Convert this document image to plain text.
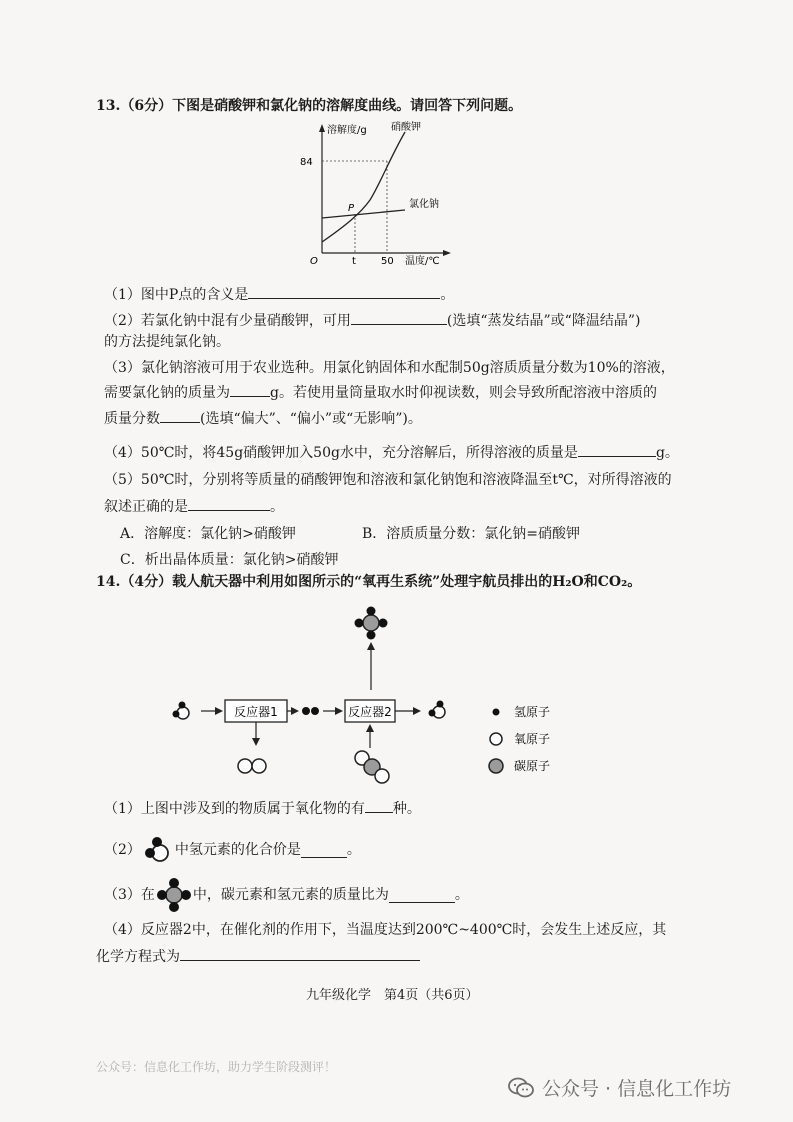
13.（6分）下图是硝酸钾和氯化钠的溶解度曲线。请回答下列问题。
溶解度/g 硝酸钾
84
氯化钠
P
O	t	50 温度/℃
（1）图中P点的含义是	。
（2）若氯化钠中混有少量硝酸钾，可用	(选填“蒸发结晶”或“降温结晶”)
的方法提纯氯化钠。
（3）氯化钠溶液可用于农业选种。用氯化钠固体和水配制50g溶质质量分数为10%的溶液，
需要氯化钠的质量为	g。若使用量筒量取水时仰视读数，则会导致所配溶液中溶质的
质量分数	(选填“偏大”、“偏小”或“无影响”)。
（4）50℃时，将45g硝酸钾加入50g水中，充分溶解后，所得溶液的质量是	g。
（5）50℃时，分别将等质量的硝酸钾饱和溶液和氯化钠饱和溶液降温至t℃，对所得溶液的
叙述正确的是	。
A．溶解度：氯化钠>硝酸钾	B．溶质质量分数：氯化钠=硝酸钾
C．析出晶体质量：氯化钠>硝酸钾
14.（4分）载人航天器中利用如图所示的“氧再生系统”处理宇航员排出的H₂O和CO₂。
反应器1	反应器2	氢原子
氧原子
碳原子
（1）上图中涉及到的物质属于氧化物的有 种。
（2） 中氢元素的化合价是	。
（3）在	中，碳元素和氢元素的质量比为	。
（4）反应器2中，在催化剂的作用下，当温度达到200℃~400℃时，会发生上述反应，其
化学方程式为
九年级化学　第4页（共6页）
公众号：信息化工作坊，助力学生阶段测评！
公众号 · 信息化工作坊
